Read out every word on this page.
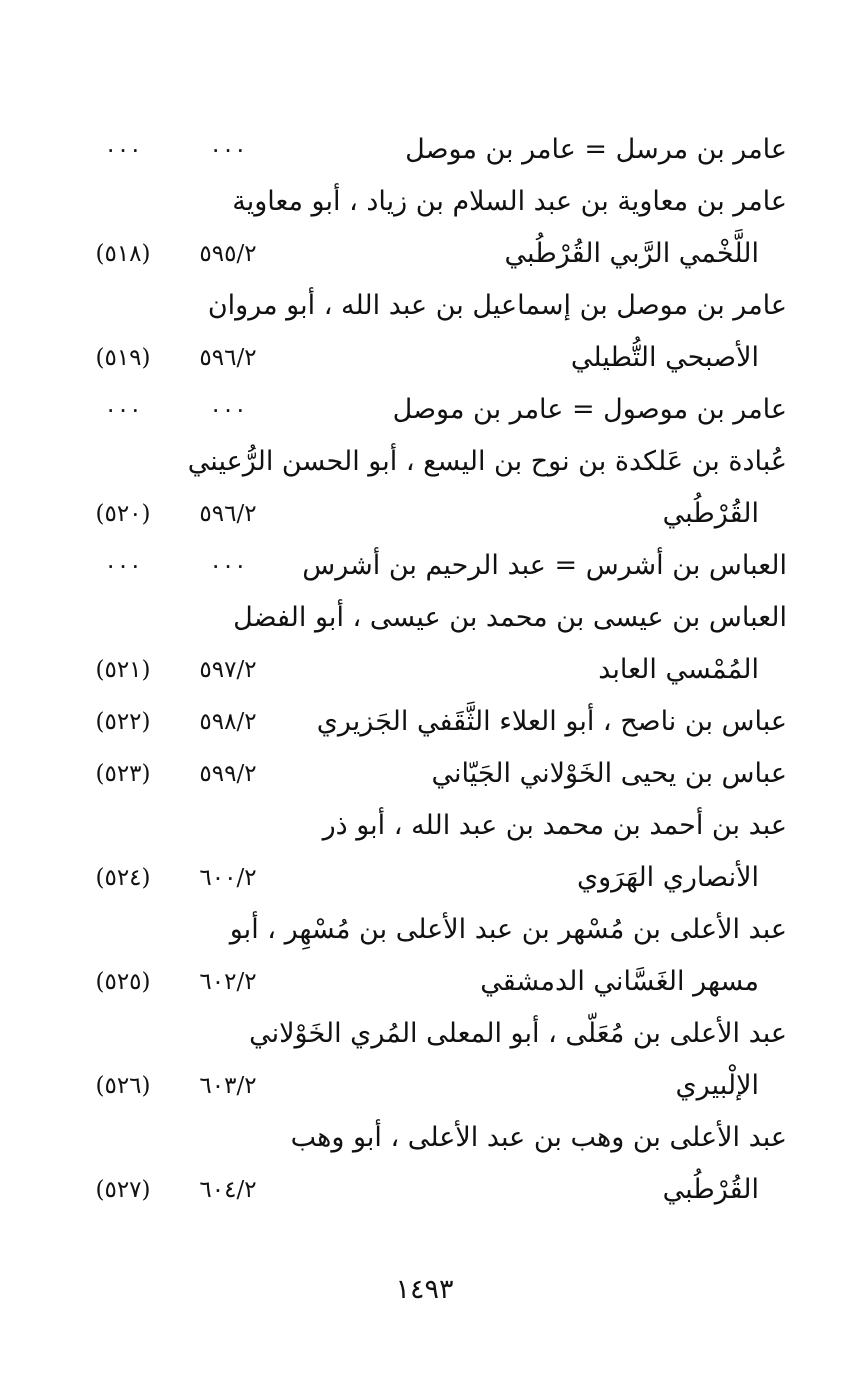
عامر بن مرسل = عامر بن موصل
٠٠٠
٠٠٠
عامر بن معاوية بن عبد السلام بن زياد ، أبو معاوية
اللَّخْمي الرَّبي القُرْطُبي
٥٩٥/٢
(٥١٨)
عامر بن موصل بن إسماعيل بن عبد الله ، أبو مروان
الأصبحي التُّطيلي
٥٩٦/٢
(٥١٩)
عامر بن موصول = عامر بن موصل
٠٠٠
٠٠٠
عُبادة بن عَلكدة بن نوح بن اليسع ، أبو الحسن الرُّعيني
القُرْطُبي
٥٩٦/٢
(٥٢٠)
العباس بن أشرس = عبد الرحيم بن أشرس
٠٠٠
٠٠٠
العباس بن عيسى بن محمد بن عيسى ، أبو الفضل
المُمْسي العابد
٥٩٧/٢
(٥٢١)
عباس بن ناصح ، أبو العلاء الثَّقَفي الجَزيري
٥٩٨/٢
(٥٢٢)
عباس بن يحيى الخَوْلاني الجَيّاني
٥٩٩/٢
(٥٢٣)
عبد بن أحمد بن محمد بن عبد الله ، أبو ذر
الأنصاري الهَرَوي
٦٠٠/٢
(٥٢٤)
عبد الأعلى بن مُسْهر بن عبد الأعلى بن مُسْهِر ، أبو
مسهر الغَسَّاني الدمشقي
٦٠٢/٢
(٥٢٥)
عبد الأعلى بن مُعَلّى ، أبو المعلى المُري الخَوْلاني
الإلْبيري
٦٠٣/٢
(٥٢٦)
عبد الأعلى بن وهب بن عبد الأعلى ، أبو وهب
القُرْطُبي
٦٠٤/٢
(٥٢٧)
١٤٩٣
